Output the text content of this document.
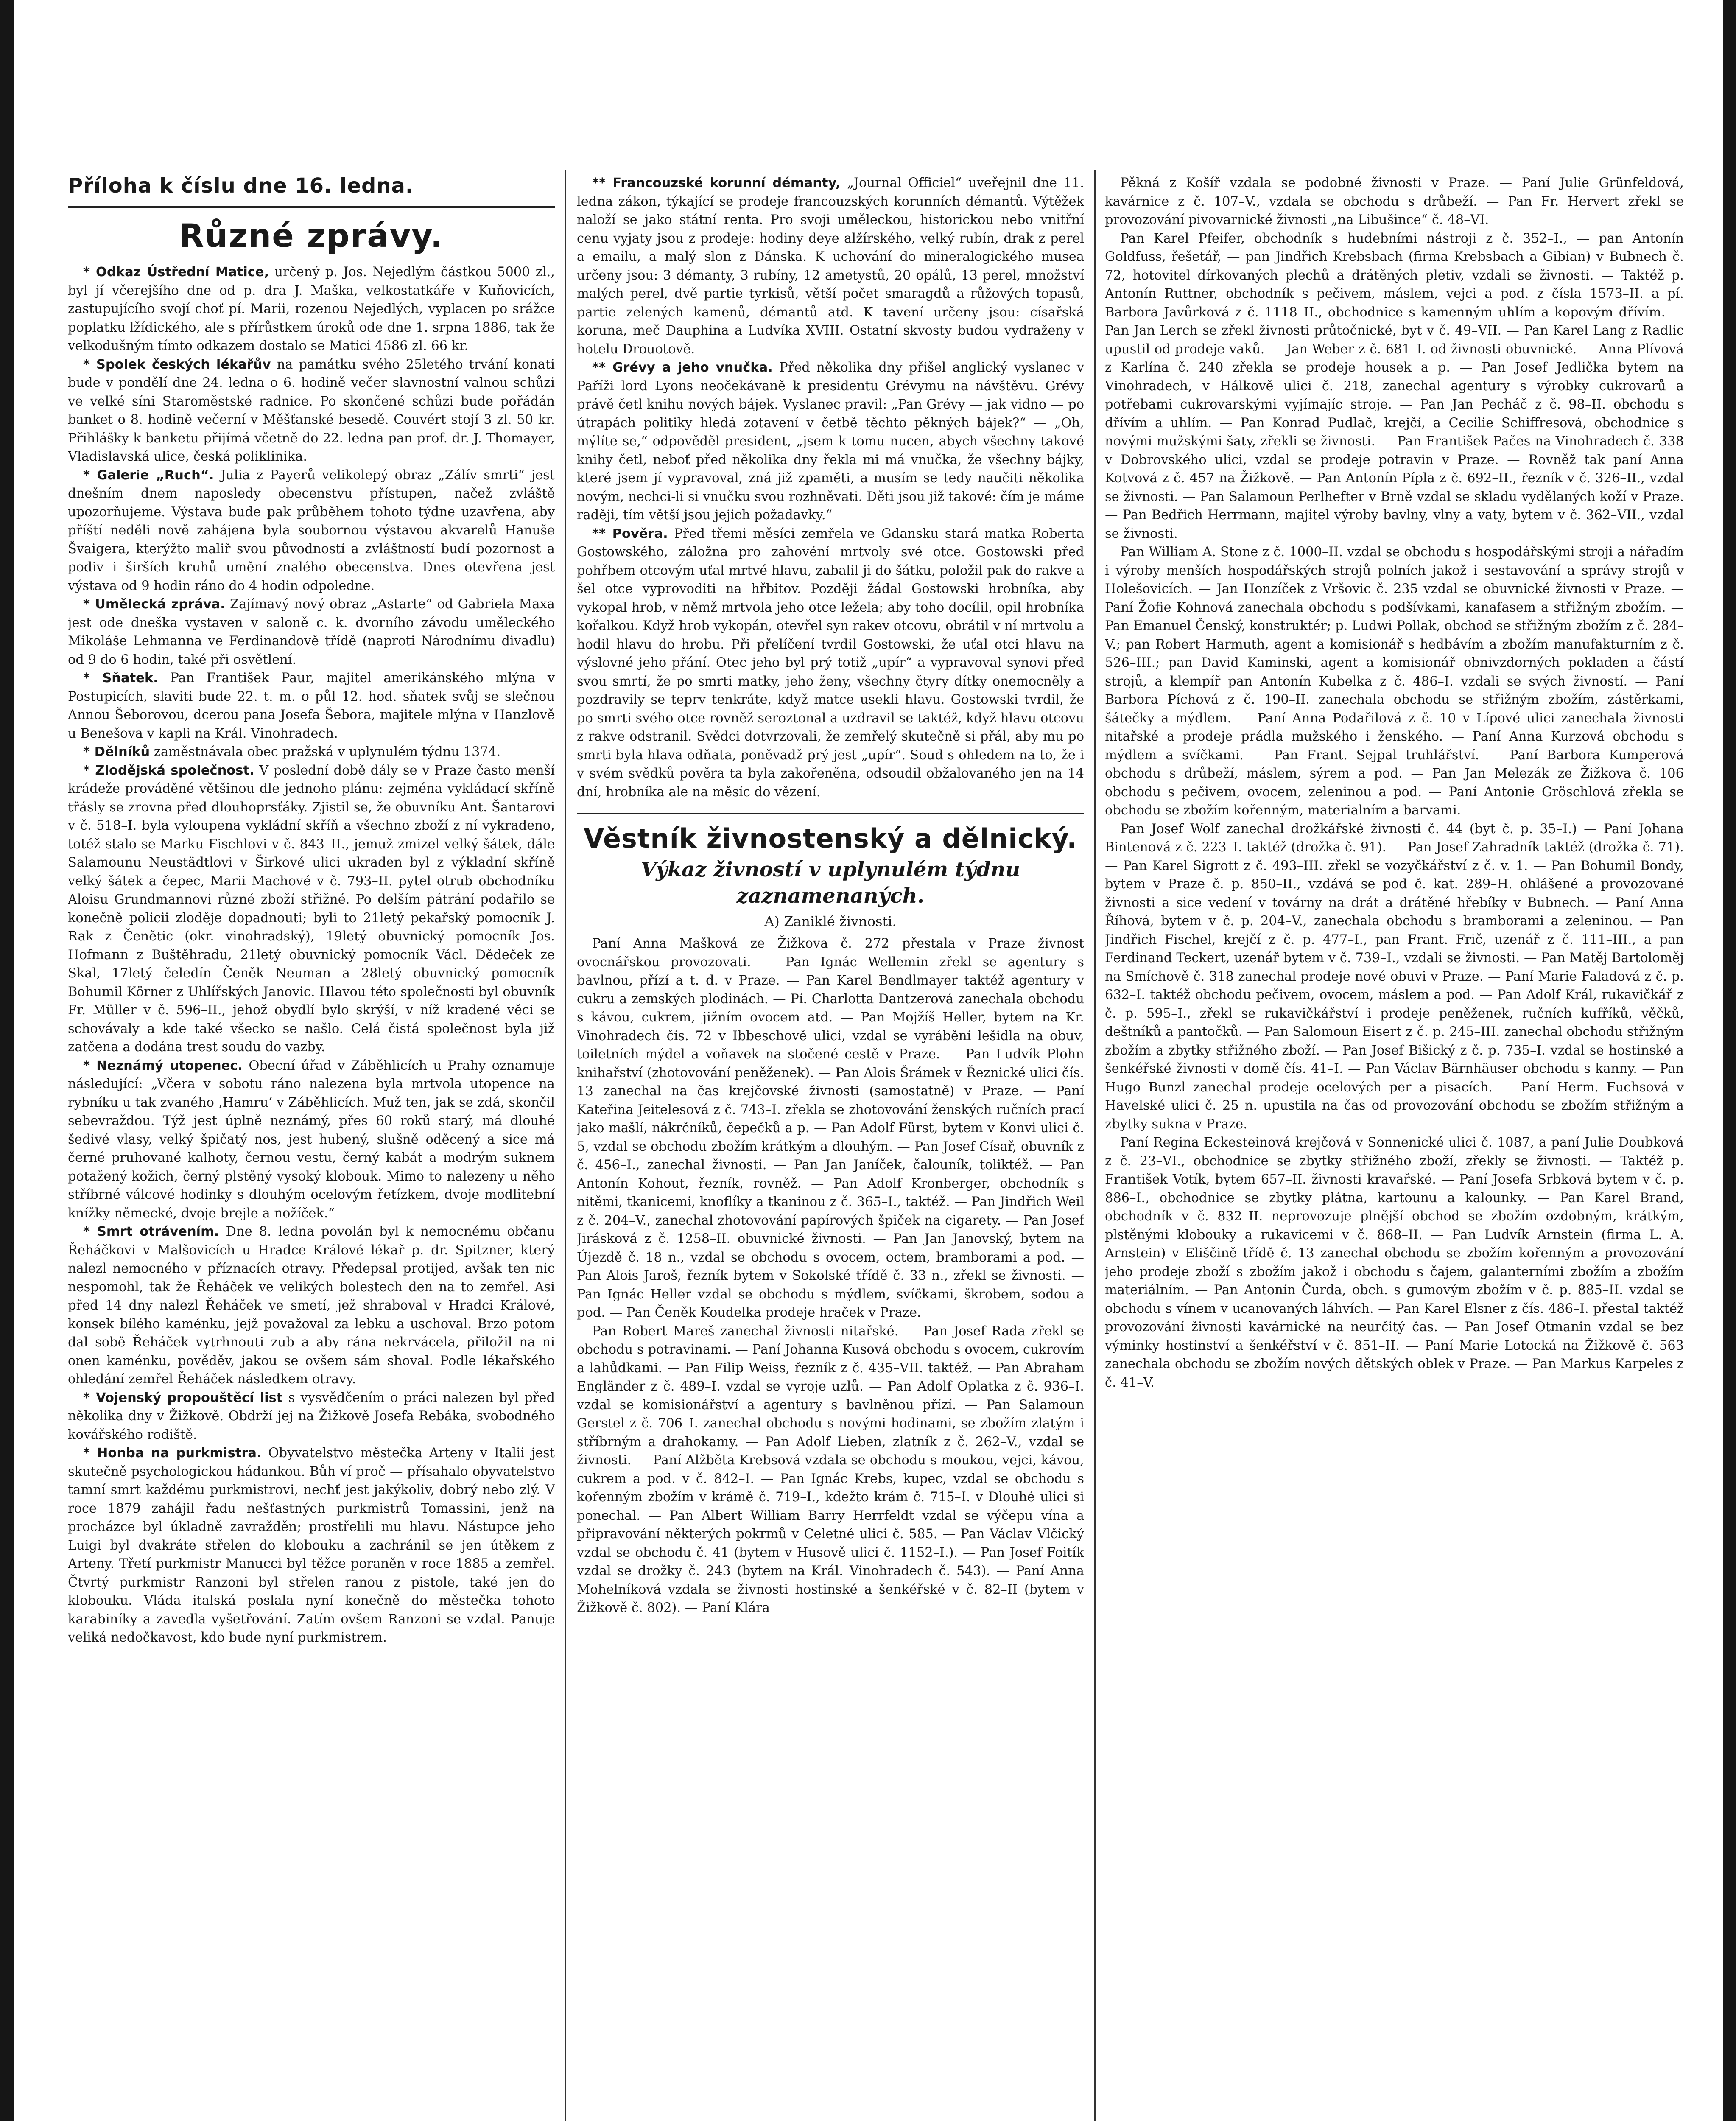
Příloha k číslu dne 16. ledna.
Různé zprávy.

* Odkaz Ústřední Matice, určený p. Jos. Nejedlým částkou 5000 zl., byl jí včerejšího dne od p. dra J. Maška, velkostatkáře v Kuňovicích, zastupujícího svojí choť pí. Marii, rozenou Nejedlých, vyplacen po srážce poplatku lžídického, ale s přírůstkem úroků ode dne 1. srpna 1886, tak že velkodušným tímto odkazem dostalo se Matici 4586 zl. 66 kr.

* Spolek českých lékařův na památku svého 25letého trvání konati bude v pondělí dne 24. ledna o 6. hodině večer slavnostní valnou schůzi ve velké síni Staroměstské radnice. Po skončené schůzi bude pořádán banket o 8. hodině večerní v Měšťanské besedě. Couvért stojí 3 zl. 50 kr. Přihlášky k banketu přijímá včetně do 22. ledna pan prof. dr. J. Thomayer, Vladislavská ulice, česká poliklinika.

* Galerie „Ruch“. Julia z Payerů velikolepý obraz „Zálív smrti“ jest dnešním dnem naposledy obecenstvu přístupen, načež zvláště upozorňujeme. Výstava bude pak průběhem tohoto týdne uzavřena, aby příští neděli nově zahájena byla soubornou výstavou akvarelů Hanuše Švaigera, kterýžto maliř svou původností a zvláštností budí pozornost a podiv i širších kruhů umění znalého obecenstva. Dnes otevřena jest výstava od 9 hodin ráno do 4 hodin odpoledne.

* Umělecká zpráva. Zajímavý nový obraz „Astarte“ od Gabriela Maxa jest ode dneška vystaven v saloně c. k. dvorního závodu uměleckého Mikoláše Lehmanna ve Ferdinandově třídě (naproti Národnímu divadlu) od 9 do 6 hodin, také při osvětlení.

* Sňatek. Pan František Paur, majitel amerikánského mlýna v Postupicích, slaviti bude 22. t. m. o půl 12. hod. sňatek svůj se slečnou Annou Šeborovou, dcerou pana Josefa Šebora, majitele mlýna v Hanzlově u Benešova v kapli na Král. Vinohradech.

* Dělníků zaměstnávala obec pražská v uplynulém týdnu 1374.

* Zlodějská společnost. V poslední době dály se v Praze často menší krádeže prováděné většinou dle jednoho plánu: zejména vykládací skříně třásly se zrovna před dlouhoprsťáky. Zjistil se, že obuvníku Ant. Šantarovi v č. 518–I. byla vyloupena vykládní skříň a všechno zboží z ní vykradeno, totéž stalo se Marku Fischlovi v č. 843–II., jemuž zmizel velký šátek, dále Salamounu Neustädtlovi v Širkové ulici ukraden byl z výkladní skříně velký šátek a čepec, Marii Machové v č. 793–II. pytel otrub obchodníku Aloisu Grundmannovi různé zboží střižné. Po delším pátrání podařilo se konečně policii zloděje dopadnouti; byli to 21letý pekařský pomocník J. Rak z Čenětic (okr. vinohradský), 19letý obuvnický pomocník Jos. Hofmann z Buštěhradu, 21letý obuvnický pomocník Václ. Dědeček ze Skal, 17letý čeledín Čeněk Neuman a 28letý obuvnický pomocník Bohumil Körner z Uhlířských Janovic. Hlavou této společnosti byl obuvník Fr. Müller v č. 596–II., jehož obydlí bylo skrýší, v níž kradené věci se schovávaly a kde také všecko se našlo. Celá čistá společnost byla již zatčena a dodána trest soudu do vazby.

* Neznámý utopenec. Obecní úřad v Záběhlicích u Prahy oznamuje následující: „Včera v sobotu ráno nalezena byla mrtvola utopence na rybníku u tak zvaného ‚Hamru‘ v Záběhlicích. Muž ten, jak se zdá, skončil sebevraždou. Týž jest úplně neznámý, přes 60 roků starý, má dlouhé šedivé vlasy, velký špičatý nos, jest hubený, slušně oděcený a sice má černé pruhované kalhoty, černou vestu, černý kabát a modrým suknem potažený kožich, černý plstěný vysoký klobouk. Mimo to nalezeny u něho stříbrné válcové hodinky s dlouhým ocelovým řetízkem, dvoje modlitební knížky německé, dvoje brejle a nožíček.“

* Smrt otrávením. Dne 8. ledna povolán byl k nemocnému občanu Řeháčkovi v Malšovicích u Hradce Králové lékař p. dr. Spitzner, který nalezl nemocného v příznacích otravy. Předepsal protijed, avšak ten nic nespomohl, tak že Řeháček ve velikých bolestech den na to zemřel. Asi před 14 dny nalezl Řeháček ve smetí, jež shraboval v Hradci Králové, konsek bílého kaménku, jejž považoval za lebku a uschoval. Brzo potom dal sobě Řeháček vytrhnouti zub a aby rána nekrvácela, přiložil na ni onen kaménku, pověděv, jakou se ovšem sám shoval. Podle lékařského ohledání zemřel Řeháček následkem otravy.

* Vojenský propouštěcí list s vysvědčením o práci nalezen byl před několika dny v Žižkově. Obdrží jej na Žižkově Josefa Rebáka, svobodného kovářského rodiště.

* Honba na purkmistra. Obyvatelstvo městečka Arteny v Italii jest skutečně psychologickou hádankou. Bůh ví proč — přísahalo obyvatelstvo tamní smrt každému purkmistrovi, nechť jest jakýkoliv, dobrý nebo zlý. V roce 1879 zahájil řadu nešťastných purkmistrů Tomassini, jenž na procházce byl úkladně zavražděn; prostřelili mu hlavu. Nástupce jeho Luigi byl dvakráte střelen do klobouku a zachránil se jen útěkem z Arteny. Třetí purkmistr Manucci byl těžce poraněn v roce 1885 a zemřel. Čtvrtý purkmistr Ranzoni byl střelen ranou z pistole, také jen do klobouku. Vláda italská poslala nyní konečně do městečka tohoto karabiníky a zavedla vyšetřování. Zatím ovšem Ranzoni se vzdal. Panuje veliká nedočkavost, kdo bude nyní purkmistrem.

** Francouzské korunní démanty, „Journal Officiel“ uveřejnil dne 11. ledna zákon, týkající se prodeje francouzských korunních démantů. Výtěžek naloží se jako státní renta. Pro svoji uměleckou, historickou nebo vnitřní cenu vyjaty jsou z prodeje: hodiny deye alžírského, velký rubín, drak z perel a emailu, a malý slon z Dánska. K uchování do mineralogického musea určeny jsou: 3 démanty, 3 rubíny, 12 ametystů, 20 opálů, 13 perel, množství malých perel, dvě partie tyrkisů, větší počet smaragdů a růžových topasů, partie zelených kamenů, démantů atd. K tavení určeny jsou: císařská koruna, meč Dauphina a Ludvíka XVIII. Ostatní skvosty budou vydraženy v hotelu Drouotově.

** Grévy a jeho vnučka. Před několika dny přišel anglický vyslanec v Paříži lord Lyons neočekávaně k presidentu Grévymu na návštěvu. Grévy právě četl knihu nových bájek. Vyslanec pravil: „Pan Grévy — jak vidno — po útrapách politiky hledá zotavení v četbě těchto pěkných bájek?“ — „Oh, mýlíte se,“ odpověděl president, „jsem k tomu nucen, abych všechny takové knihy četl, neboť před několika dny řekla mi má vnučka, že všechny bájky, které jsem jí vypravoval, zná již zpaměti, a musím se tedy naučiti několika novým, nechci-li si vnučku svou rozhněvati. Děti jsou již takové: čím je máme raději, tím větší jsou jejich požadavky.“

** Pověra. Před třemi měsíci zemřela ve Gdansku stará matka Roberta Gostowského, záložna pro zahovéní mrtvoly své otce. Gostowski před pohřbem otcovým uťal mrtvé hlavu, zabalil ji do šátku, položil pak do rakve a šel otce vyprovoditi na hřbitov. Později žádal Gostowski hrobníka, aby vykopal hrob, v němž mrtvola jeho otce ležela; aby toho docílil, opil hrobníka kořalkou. Když hrob vykopán, otevřel syn rakev otcovu, obrátil v ní mrtvolu a hodil hlavu do hrobu. Při přelíčení tvrdil Gostowski, že uťal otci hlavu na výslovné jeho přání. Otec jeho byl prý totiž „upír“ a vypravoval synovi před svou smrtí, že po smrti matky, jeho ženy, všechny čtyry dítky onemocněly a pozdravily se teprv tenkráte, když matce usekli hlavu. Gostowski tvrdil, že po smrti svého otce rovněž seroztonal a uzdravil se taktéž, když hlavu otcovu z rakve odstranil. Svědci dotvrzovali, že zemřelý skutečně si přál, aby mu po smrti byla hlava odňata, poněvadž prý jest „upír“. Soud s ohledem na to, že i v svém svědků pověra ta byla zakořeněna, odsoudil obžalovaného jen na 14 dní, hrobníka ale na měsíc do vězení.

Věstník živnostenský a dělnický.
Výkaz živností v uplynulém týdnu zaznamenaných.
A) Zaniklé živnosti.

Paní Anna Mašková ze Žižkova č. 272 přestala v Praze živnost ovocnářskou provozovati. — Pan Ignác Wellemin zřekl se agentury s bavlnou, přízí a t. d. v Praze. — Pan Karel Bendlmayer taktéž agentury v cukru a zemských plodinách. — Pí. Charlotta Dantzerová zanechala obchodu s kávou, cukrem, jižním ovocem atd. — Pan Mojžíš Heller, bytem na Kr. Vinohradech čís. 72 v Ibbeschově ulici, vzdal se vyrábění lešidla na obuv, toiletních mýdel a voňavek na stočené cestě v Praze. — Pan Ludvík Plohn knihařství (zhotovování peněženek). — Pan Alois Šrámek v Řeznické ulici čís. 13 zanechal na čas krejčovské živnosti (samostatně) v Praze. — Paní Kateřina Jeitelesová z č. 743–I. zřekla se zhotovování ženských ručních prací jako mašlí, nákrčníků, čepečků a p. — Pan Adolf Fürst, bytem v Konvi ulici č. 5, vzdal se obchodu zbožím krátkým a dlouhým. — Pan Josef Císař, obuvník z č. 456–I., zanechal živnosti. — Pan Jan Janíček, čalouník, toliktéž. — Pan Antonín Kohout, řezník, rovněž. — Pan Adolf Kronberger, obchodník s nitěmi, tkanicemi, knoflíky a tkaninou z č. 365–I., taktéž. — Pan Jindřich Weil z č. 204–V., zanechal zhotovování papírových špiček na cigarety. — Pan Josef Jirásková z č. 1258–II. obuvnické živnosti. — Pan Jan Janovský, bytem na Újezdě č. 18 n., vzdal se obchodu s ovocem, octem, bramborami a pod. — Pan Alois Jaroš, řezník bytem v Sokolské třídě č. 33 n., zřekl se živnosti. — Pan Ignác Heller vzdal se obchodu s mýdlem, svíčkami, škrobem, sodou a pod. — Pan Čeněk Koudelka prodeje hraček v Praze.

Pan Robert Mareš zanechal živnosti nitařské. — Pan Josef Rada zřekl se obchodu s potravinami. — Paní Johanna Kusová obchodu s ovocem, cukrovím a lahůdkami. — Pan Filip Weiss, řezník z č. 435–VII. taktéž. — Pan Abraham Engländer z č. 489–I. vzdal se vyroje uzlů. — Pan Adolf Oplatka z č. 936–I. vzdal se komisionářství a agentury s bavlněnou přízí. — Pan Salamoun Gerstel z č. 706–I. zanechal obchodu s novými hodinami, se zbožím zlatým i stříbrným a drahokamy. — Pan Adolf Lieben, zlatník z č. 262–V., vzdal se živnosti. — Paní Alžběta Krebsová vzdala se obchodu s moukou, vejci, kávou, cukrem a pod. v č. 842–I. — Pan Ignác Krebs, kupec, vzdal se obchodu s kořenným zbožím v krámě č. 719–I., kdežto krám č. 715–I. v Dlouhé ulici si ponechal. — Pan Albert William Barry Herrfeldt vzdal se výčepu vína a připravování některých pokrmů v Celetné ulici č. 585. — Pan Václav Vlčický vzdal se obchodu č. 41 (bytem v Husově ulici č. 1152–I.). — Pan Josef Foitík vzdal se drožky č. 243 (bytem na Král. Vinohradech č. 543). — Paní Anna Mohelníková vzdala se živnosti hostinské a šenkéřské v č. 82–II (bytem v Žižkově č. 802). — Paní Klára

Pěkná z Košíř vzdala se podobné živnosti v Praze. — Paní Julie Grünfeldová, kavárnice z č. 107–V., vzdala se obchodu s drůbeží. — Pan Fr. Hervert zřekl se provozování pivovarnické živnosti „na Libušince“ č. 48–VI.

Pan Karel Pfeifer, obchodník s hudebními nástroji z č. 352–I., — pan Antonín Goldfuss, řešetář, — pan Jindřich Krebsbach (firma Krebsbach a Gibian) v Bubnech č. 72, hotovitel dírkovaných plechů a drátěných pletiv, vzdali se živnosti. — Taktéž p. Antonín Ruttner, obchodník s pečivem, máslem, vejci a pod. z čísla 1573–II. a pí. Barbora Javůrková z č. 1118–II., obchodnice s kamenným uhlím a kopovým dřívím. — Pan Jan Lerch se zřekl živnosti průtočnické, byt v č. 49–VII. — Pan Karel Lang z Radlic upustil od prodeje vaků. — Jan Weber z č. 681–I. od živnosti obuvnické. — Anna Plívová z Karlína č. 240 zřekla se prodeje housek a p. — Pan Josef Jedlička bytem na Vinohradech, v Hálkově ulici č. 218, zanechal agentury s výrobky cukrovarů a potřebami cukrovarskými vyjímajíc stroje. — Pan Jan Pecháč z č. 98–II. obchodu s dřívím a uhlím. — Pan Konrad Pudlač, krejčí, a Cecilie Schiffresová, obchodnice s novými mužskými šaty, zřekli se živnosti. — Pan František Pačes na Vinohradech č. 338 v Dobrovského ulici, vzdal se prodeje potravin v Praze. — Rovněž tak paní Anna Kotvová z č. 457 na Žižkově. — Pan Antonín Pípla z č. 692–II., řezník v č. 326–II., vzdal se živnosti. — Pan Salamoun Perlhefter v Brně vzdal se skladu vydělaných koží v Praze. — Pan Bedřich Herrmann, majitel výroby bavlny, vlny a vaty, bytem v č. 362–VII., vzdal se živnosti.

Pan William A. Stone z č. 1000–II. vzdal se obchodu s hospodářskými stroji a nářadím i výroby menších hospodářských strojů polních jakož i sestavování a správy strojů v Holešovicích. — Jan Honzíček z Vršovic č. 235 vzdal se obuvnické živnosti v Praze. — Paní Žofie Kohnová zanechala obchodu s podšívkami, kanafasem a střižným zbožím. — Pan Emanuel Čenský, konstruktér; p. Ludwi Pollak, obchod se střižným zbožím z č. 284–V.; pan Robert Harmuth, agent a komisionář s hedbávím a zbožím manufakturním z č. 526–III.; pan David Kaminski, agent a komisionář obnivzdorných pokladen a částí strojů, a klempíř pan Antonín Kubelka z č. 486–I. vzdali se svých živností. — Paní Barbora Píchová z č. 190–II. zanechala obchodu se střižným zbožím, zástěrkami, šátečky a mýdlem. — Paní Anna Podařilová z č. 10 v Lípové ulici zanechala živnosti nitařské a prodeje prádla mužského i ženského. — Paní Anna Kurzová obchodu s mýdlem a svíčkami. — Pan Frant. Sejpal truhlářství. — Paní Barbora Kumperová obchodu s drůbeží, máslem, sýrem a pod. — Pan Jan Melezák ze Žižkova č. 106 obchodu s pečivem, ovocem, zeleninou a pod. — Paní Antonie Gröschlová zřekla se obchodu se zbožím kořenným, materialním a barvami.

Pan Josef Wolf zanechal drožkářské živnosti č. 44 (byt č. p. 35–I.) — Paní Johana Bintenová z č. 223–I. taktéž (drožka č. 91). — Pan Josef Zahradník taktéž (drožka č. 71). — Pan Karel Sigrott z č. 493–III. zřekl se vozyčkářství z č. v. 1. — Pan Bohumil Bondy, bytem v Praze č. p. 850–II., vzdává se pod č. kat. 289–H. ohlášené a provozované živnosti a sice vedení v továrny na drát a drátěné hřebíky v Bubnech. — Paní Anna Říhová, bytem v č. p. 204–V., zanechala obchodu s bramborami a zeleninou. — Pan Jindřich Fischel, krejčí z č. p. 477–I., pan Frant. Frič, uzenář z č. 111–III., a pan Ferdinand Teckert, uzenář bytem v č. 739–I., vzdali se živnosti. — Pan Matěj Bartoloměj na Smíchově č. 318 zanechal prodeje nové obuvi v Praze. — Paní Marie Faladová z č. p. 632–I. taktéž obchodu pečivem, ovocem, máslem a pod. — Pan Adolf Král, rukavičkář z č. p. 595–I., zřekl se rukavičkářství i prodeje peněženek, ručních kufříků, věčků, deštníků a pantočků. — Pan Salomoun Eisert z č. p. 245–III. zanechal obchodu střižným zbožím a zbytky střižného zboží. — Pan Josef Bišický z č. p. 735–I. vzdal se hostinské a šenkéřské živnosti v domě čís. 41–I. — Pan Václav Bärnhäuser obchodu s kanny. — Pan Hugo Bunzl zanechal prodeje ocelových per a pisacích. — Paní Herm. Fuchsová v Havelské ulici č. 25 n. upustila na čas od provozování obchodu se zbožím střižným a zbytky sukna v Praze.

Paní Regina Eckesteinová krejčová v Sonnenické ulici č. 1087, a paní Julie Doubková z č. 23–VI., obchodnice se zbytky střižného zboží, zřekly se živnosti. — Taktéž p. František Votík, bytem 657–II. živnosti kravařské. — Paní Josefa Srbková bytem v č. p. 886–I., obchodnice se zbytky plátna, kartounu a kalounky. — Pan Karel Brand, obchodník v č. 832–II. neprovozuje plnější obchod se zbožím ozdobným, krátkým, plstěnými klobouky a rukavicemi v č. 868–II. — Pan Ludvík Arnstein (firma L. A. Arnstein) v Eliščině třídě č. 13 zanechal obchodu se zbožím kořenným a provozování jeho prodeje zboží s zbožím jakož i obchodu s čajem, galanterními zbožím a zbožím materiálním. — Pan Antonín Čurda, obch. s gumovým zbožím v č. p. 885–II. vzdal se obchodu s vínem v ucanovaných láhvích. — Pan Karel Elsner z čís. 486–I. přestal taktéž provozování živnosti kavárnické na neurčitý čas. — Pan Josef Otmanin vzdal se bez výminky hostinství a šenkéřství v č. 851–II. — Paní Marie Lotocká na Žižkově č. 563 zanechala obchodu se zbožím nových dětských oblek v Praze. — Pan Markus Karpeles z č. 41–V.
